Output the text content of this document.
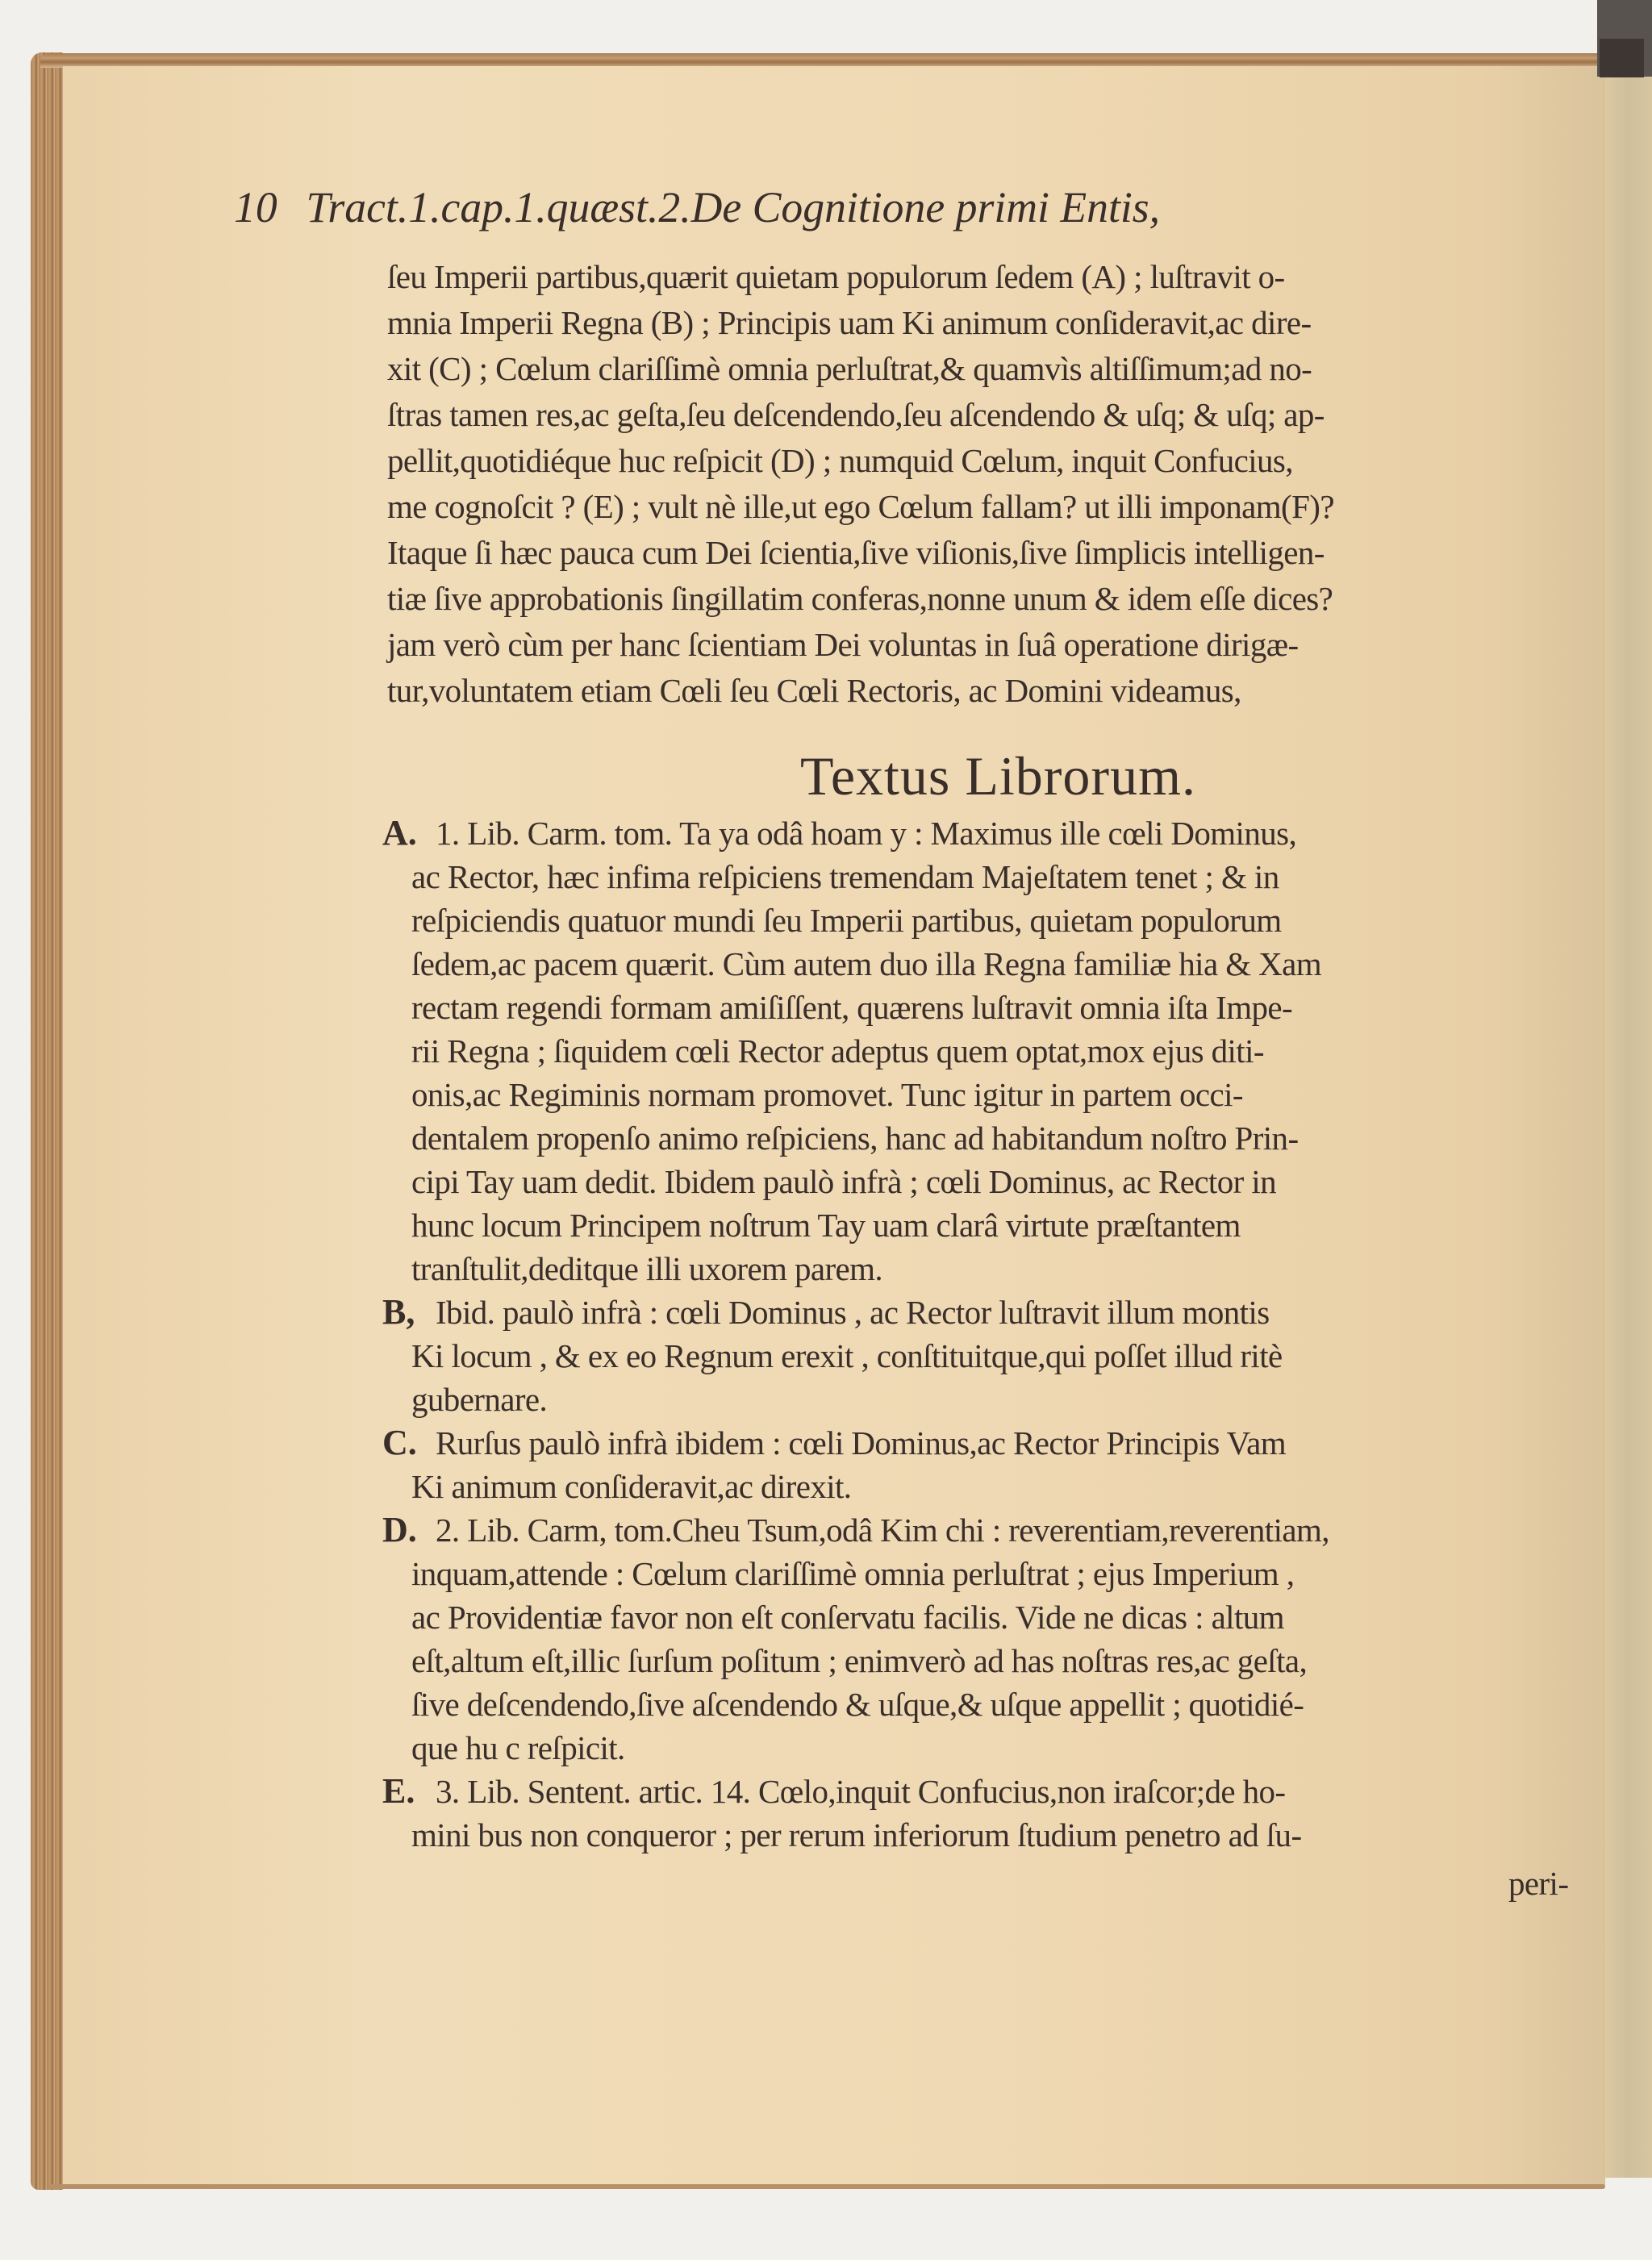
10 Tract.1.cap.1.quæst.2.De Cognitione primi Entis,
ſeu Imperii partibus,quærit quietam populorum ſedem (A) ; luſtravit o-
mnia Imperii Regna (B) ; Principis uam Ki animum conſideravit,ac dire-
xit (C) ; Cœlum clariſſimè omnia perluſtrat,& quamvìs altiſſimum;ad no-
ſtras tamen res,ac geſta,ſeu deſcendendo,ſeu aſcendendo & uſq; & uſq; ap-
pellit,quotidiéque huc reſpicit (D) ; numquid Cœlum, inquit Confucius,
me cognoſcit ? (E) ; vult nè ille,ut ego Cœlum fallam? ut illi imponam(F)?
Itaque ſi hæc pauca cum Dei ſcientia,ſive viſionis,ſive ſimplicis intelligen-
tiæ ſive approbationis ſingillatim conferas,nonne unum & idem eſſe dices?
jam verò cùm per hanc ſcientiam Dei voluntas in ſuâ operatione dirigæ-
tur,voluntatem etiam Cœli ſeu Cœli Rectoris, ac Domini videamus,
Textus Librorum.
A. 1. Lib. Carm. tom. Ta ya odâ hoam y : Maximus ille cœli Dominus,
ac Rector, hæc infima reſpiciens tremendam Majeſtatem tenet ; & in
reſpiciendis quatuor mundi ſeu Imperii partibus, quietam populorum
ſedem,ac pacem quærit. Cùm autem duo illa Regna familiæ hia & Xam
rectam regendi formam amiſiſſent, quærens luſtravit omnia iſta Impe-
rii Regna ; ſiquidem cœli Rector adeptus quem optat,mox ejus diti-
onis,ac Regiminis normam promovet. Tunc igitur in partem occi-
dentalem propenſo animo reſpiciens, hanc ad habitandum noſtro Prin-
cipi Tay uam dedit. Ibidem paulò infrà ; cœli Dominus, ac Rector in
hunc locum Principem noſtrum Tay uam clarâ virtute præſtantem
tranſtulit,deditque illi uxorem parem.
B, Ibid. paulò infrà : cœli Dominus , ac Rector luſtravit illum montis
Ki locum , & ex eo Regnum erexit , conſtituitque,qui poſſet illud ritè
gubernare.
C. Rurſus paulò infrà ibidem : cœli Dominus,ac Rector Principis Vam
Ki animum conſideravit,ac direxit.
D. 2. Lib. Carm, tom.Cheu Tsum,odâ Kim chi : reverentiam,reverentiam,
inquam,attende : Cœlum clariſſimè omnia perluſtrat ; ejus Imperium ,
ac Providentiæ favor non eſt conſervatu facilis. Vide ne dicas : altum
eſt,altum eſt,illic ſurſum poſitum ; enimverò ad has noſtras res,ac geſta,
ſive deſcendendo,ſive aſcendendo & uſque,& uſque appellit ; quotidié-
que hu c reſpicit.
E. 3. Lib. Sentent. artic. 14. Cœlo,inquit Confucius,non iraſcor;de ho-
mini bus non conqueror ; per rerum inferiorum ſtudium penetro ad ſu-
peri-
